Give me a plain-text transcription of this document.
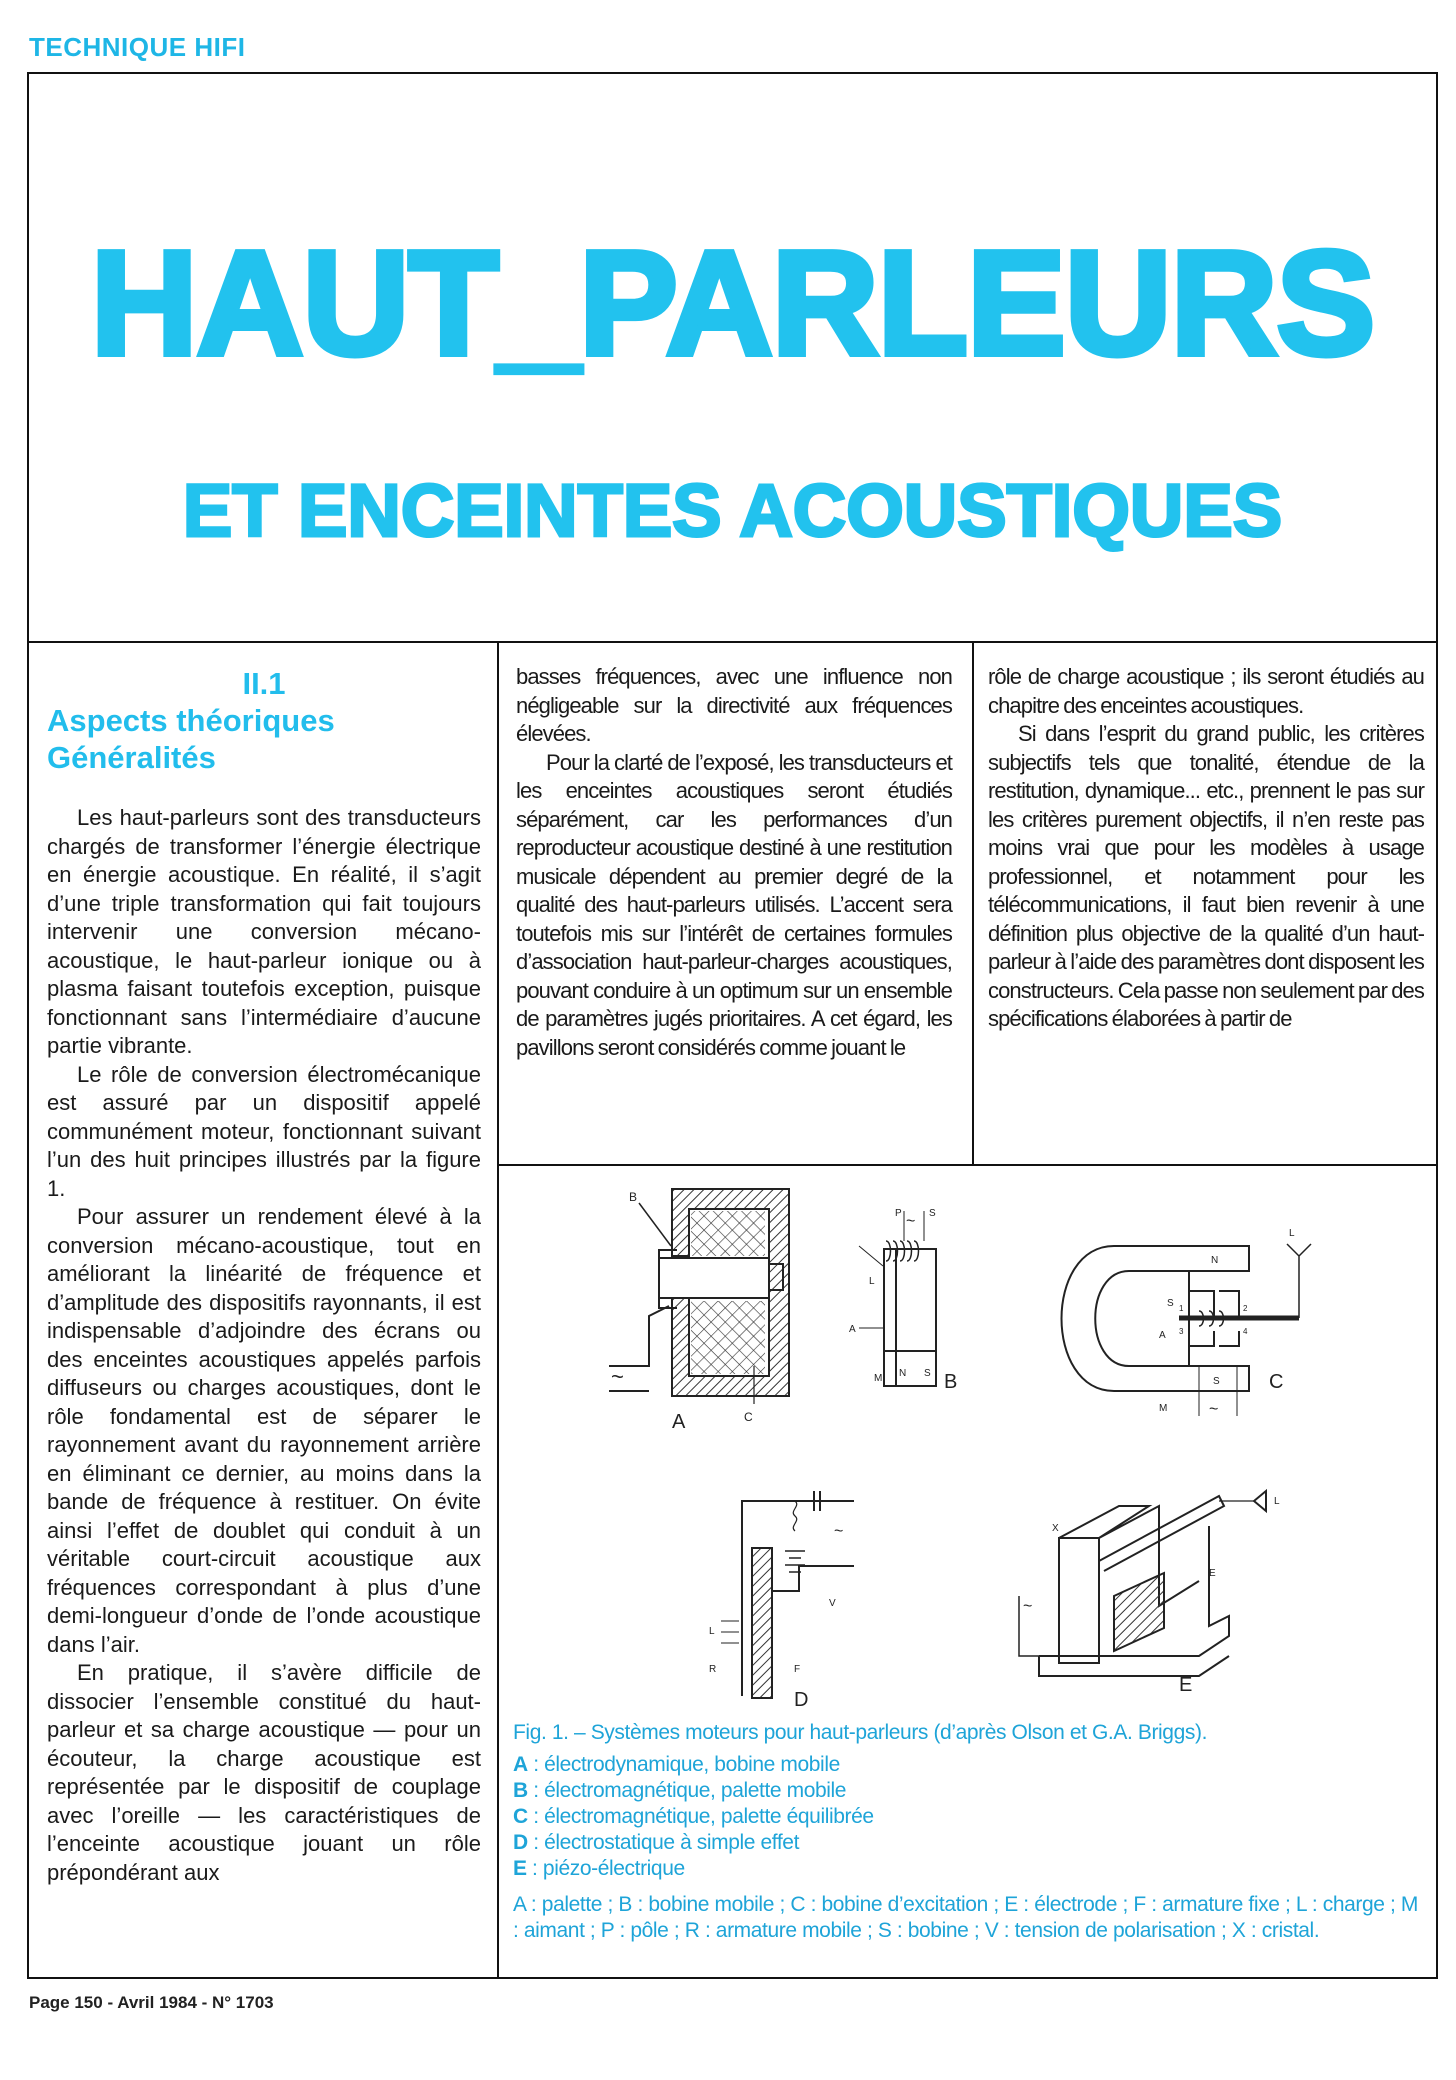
TECHNIQUE HIFI
HAUT_PARLEURS
ET ENCEINTES ACOUSTIQUES
II.1
Aspects théoriques
Généralités

Les haut-parleurs sont des transducteurs chargés de transformer l’énergie électrique en énergie acoustique. En réalité, il s’agit d’une triple transformation qui fait toujours intervenir une conversion mécano-acoustique, le haut-parleur ionique ou à plasma faisant toutefois exception, puisque fonctionnant sans l’intermédiaire d’aucune partie vibrante.

Le rôle de conversion électromécanique est assuré par un dispositif appelé communément moteur, fonctionnant suivant l’un des huit principes illustrés par la figure 1.

Pour assurer un rendement élevé à la conversion mécano-acoustique, tout en améliorant la linéarité de fréquence et d’amplitude des dispositifs rayonnants, il est indispensable d’adjoindre des écrans ou des enceintes acoustiques appelés parfois diffuseurs ou charges acoustiques, dont le rôle fondamental est de séparer le rayonnement avant du rayonnement arrière en éliminant ce dernier, au moins dans la bande de fréquence à restituer. On évite ainsi l’effet de doublet qui conduit à un véritable court-circuit acoustique aux fréquences correspondant à plus d’une demi-longueur d’onde de l’onde acoustique dans l’air.

En pratique, il s’avère difficile de dissocier l’ensemble constitué du haut-parleur et sa charge acoustique — pour un écouteur, la charge acoustique est représentée par le dispositif de couplage avec l’oreille — les caractéristiques de l’enceinte acoustique jouant un rôle prépondérant aux

basses fréquences, avec une influence non négligeable sur la directivité aux fréquences élevées.

Pour la clarté de l’exposé, les transducteurs et les enceintes acoustiques seront étudiés séparément, car les performances d’un reproducteur acoustique destiné à une restitution musicale dépendent au premier degré de la qualité des haut-parleurs utilisés. L’accent sera toutefois mis sur l’intérêt de certaines formules d’association haut-parleur-charges acoustiques, pouvant conduire à un optimum sur un ensemble de paramètres jugés prioritaires. A cet égard, les pavillons seront considérés comme jouant le

rôle de charge acoustique ; ils seront étudiés au chapitre des enceintes acoustiques.

Si dans l’esprit du grand public, les critères subjectifs tels que tonalité, étendue de la restitution, dynamique... etc., prennent le pas sur les critères purement objectifs, il n’en reste pas moins vrai que pour les modèles à usage professionnel, et notamment pour les télécommunications, il faut bien revenir à une définition plus objective de la qualité d’un haut-parleur à l’aide des paramètres dont disposent les constructeurs. Cela passe non seulement par des spécifications élaborées à partir de

B
~
A	C
P ~ S
L
A
M N S B
N
S
A
1	2
3	4
S
M	~
L
C
~
V
L
R	F
D
X
E
L
~
E

Fig. 1. – Systèmes moteurs pour haut-parleurs (d’après Olson et G.A. Briggs).

A : électrodynamique, bobine mobile

B : électromagnétique, palette mobile

C : électromagnétique, palette équilibrée

D : électrostatique à simple effet

E : piézo-électrique

A : palette ; B : bobine mobile ; C : bobine d’excitation ; E : électrode ; F : armature fixe ; L : charge ; M : aimant ; P : pôle ; R : armature mobile ; S : bobine ; V : tension de polarisation ; X : cristal.

Page 150 - Avril 1984 - N° 1703
